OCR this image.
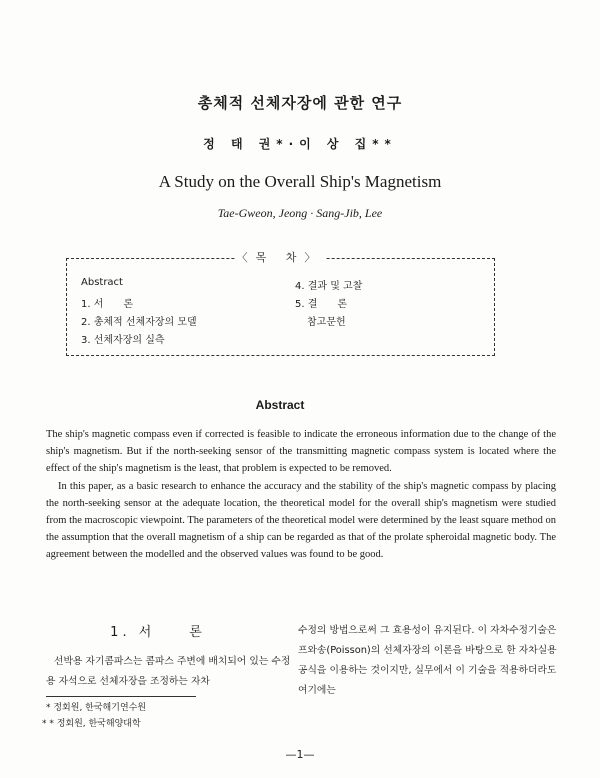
총체적 선체자장에 관한 연구
정 태 권*·이 상 집**
A Study on the Overall Ship's Magnetism
Tae-Gweon, Jeong · Sang-Jib, Lee
Abstract
1. 서　　론
2. 총체적 선체자장의 모델
3. 선체자장의 실측
4. 결과 및 고찰
5. 결　　론
참고문헌
〈목 차〉
Abstract

The ship's magnetic compass even if corrected is feasible to indicate the erroneous information due to the change of the ship's magnetism. But if the north-seeking sensor of the transmitting magnetic compass system is located where the effect of the ship's magnetism is the least, that problem is expected to be removed.

In this paper, as a basic research to enhance the accuracy and the stability of the ship's magnetic compass by placing the north-seeking sensor at the adequate location, the theoretical model for the overall ship's magnetism were studied from the macroscopic viewpoint. The parameters of the theoretical model were determined by the least square method on the assumption that the overall magnetism of a ship can be regarded as that of the prolate spheroidal magnetic body. The agreement between the modelled and the observed values was found to be good.

1. 서　　론
선박용 자기콤파스는 콤파스 주변에 배치되어 있는 수정용 자석으로 선체자장을 조정하는 자차
수정의 방법으로써 그 효용성이 유지된다. 이 자차수정기술은 프와송(Poisson)의 선체자장의 이론을 바탕으로 한 자차실용공식을 이용하는 것이지만, 실무에서 이 기술을 적용하더라도 여기에는
* 정회원, 한국해기연수원
* * 정회원, 한국해양대학
—1—
